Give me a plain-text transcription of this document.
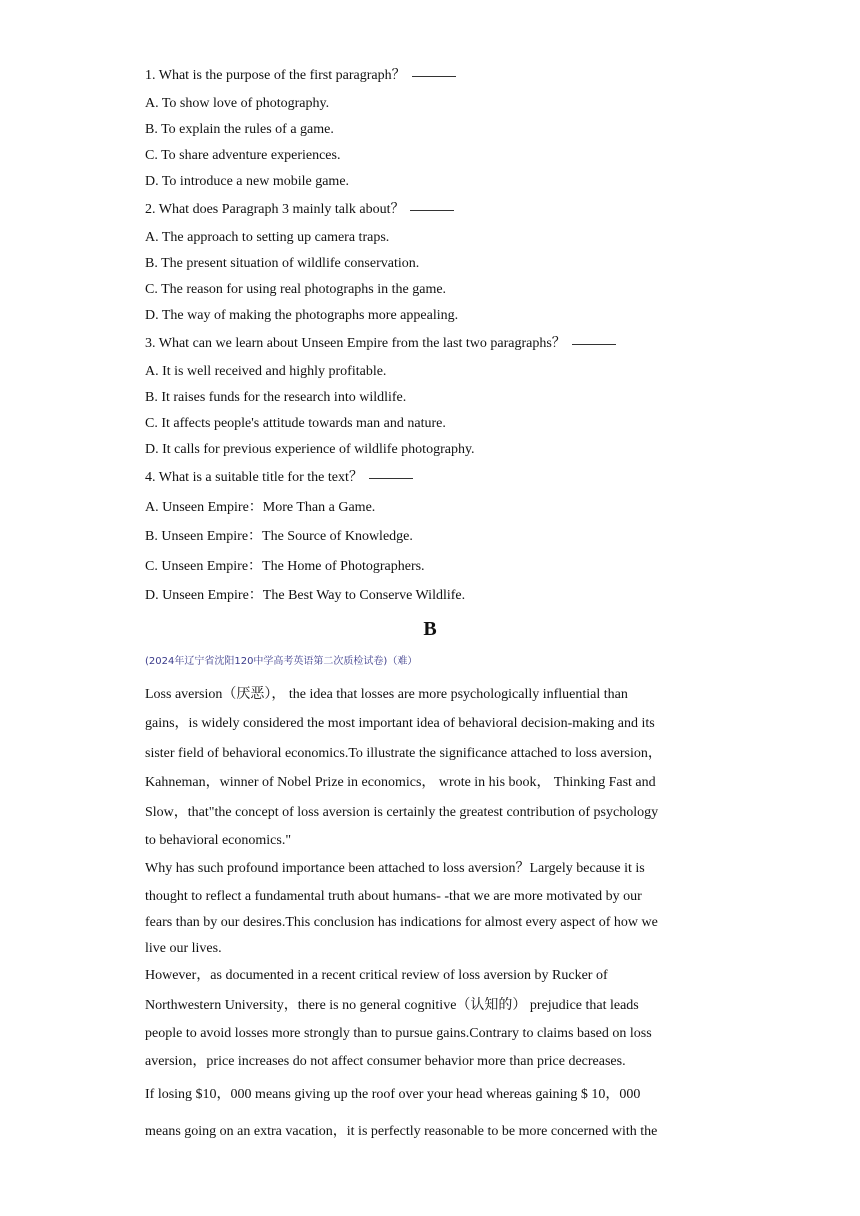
1. What is the purpose of the first paragraph？
A. To show love of photography.
B. To explain the rules of a game.
C. To share adventure experiences.
D. To introduce a new mobile game.
2. What does Paragraph 3 mainly talk about？
A. The approach to setting up camera traps.
B. The present situation of wildlife conservation.
C. The reason for using real photographs in the game.
D. The way of making the photographs more appealing.
3. What can we learn about Unseen Empire from the last two paragraphs？
A. It is well received and highly profitable.
B. It raises funds for the research into wildlife.
C. It affects people's attitude towards man and nature.
D. It calls for previous experience of wildlife photography.
4. What is a suitable title for the text？
A. Unseen Empire：More Than a Game.
B. Unseen Empire：The Source of Knowledge.
C. Unseen Empire：The Home of Photographers.
D. Unseen Empire：The Best Way to Conserve Wildlife.
B
(2024年辽宁省沈阳120中学高考英语第二次质检试卷)（难）
Loss aversion（厌恶）， the idea that losses are more psychologically influential than
gains，is widely considered the most important idea of behavioral decision-making and its
sister field of behavioral economics.To illustrate the significance attached to loss aversion，
Kahneman，winner of Nobel Prize in economics， wrote in his book， Thinking Fast and
Slow，that"the concept of loss aversion is certainly the greatest contribution of psychology
to behavioral economics."
Why has such profound importance been attached to loss aversion？Largely because it is
thought to reflect a fundamental truth about humans- -that we are more motivated by our
fears than by our desires.This conclusion has indications for almost every aspect of how we
live our lives.
However，as documented in a recent critical review of loss aversion by Rucker of
Northwestern University，there is no general cognitive（认知的） prejudice that leads
people to avoid losses more strongly than to pursue gains.Contrary to claims based on loss
aversion，price increases do not affect consumer behavior more than price decreases.
If losing $10，000 means giving up the roof over your head whereas gaining $ 10，000
means going on an extra vacation，it is perfectly reasonable to be more concerned with the
